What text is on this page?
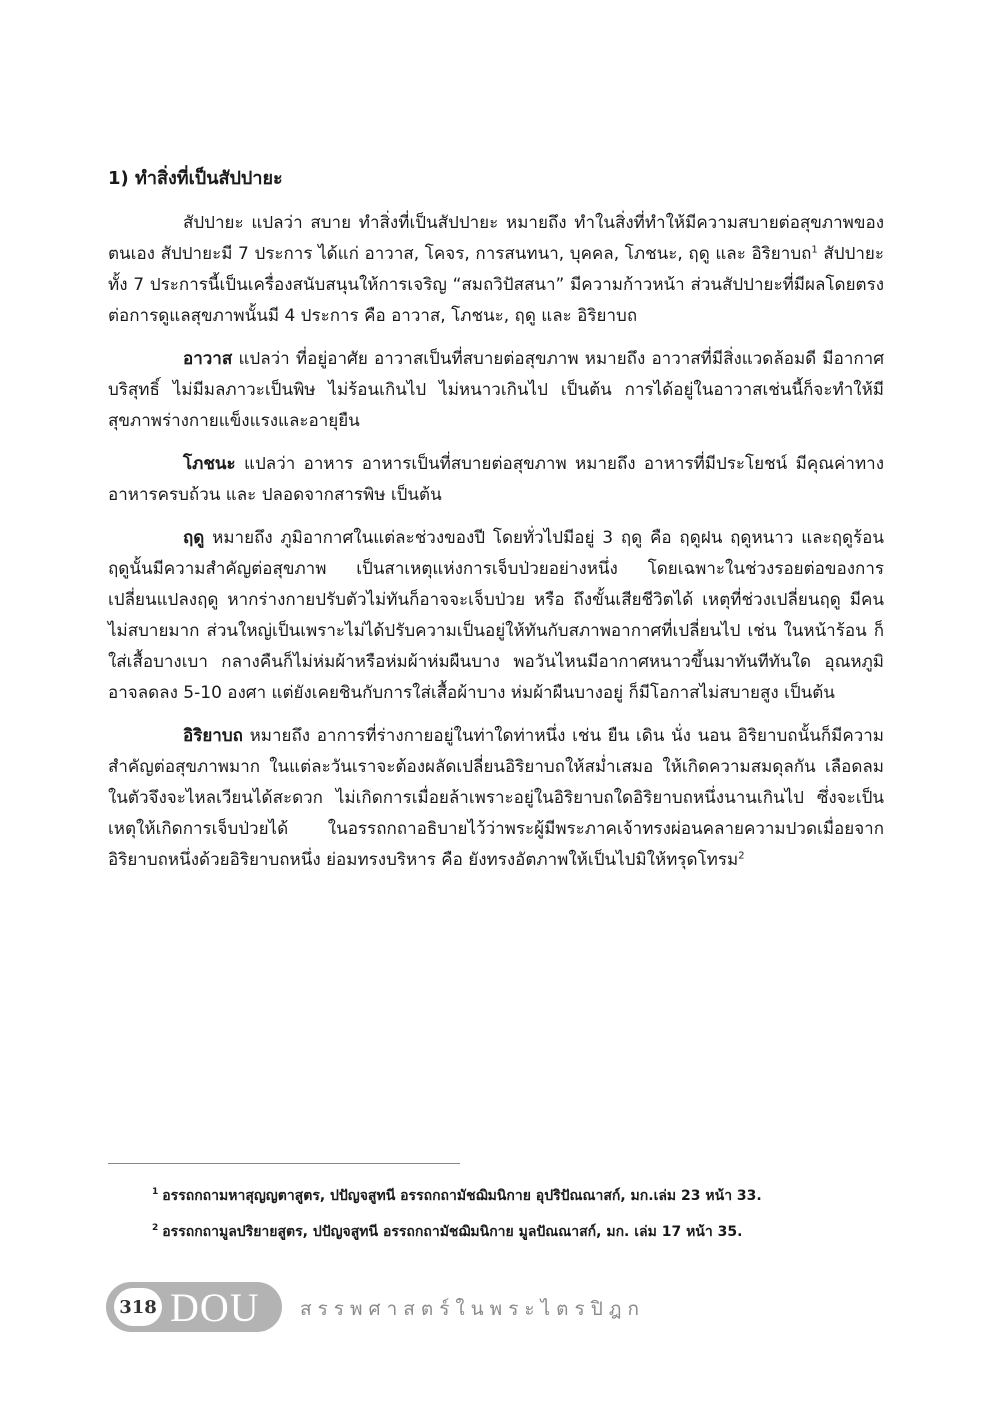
1) ทำสิ่งที่เป็นสัปปายะ

สัปปายะ แปลว่า สบาย ทำสิ่งที่เป็นสัปปายะ หมายถึง ทำในสิ่งที่ทำให้มีความสบายต่อสุขภาพของตนเอง สัปปายะมี 7 ประการ ได้แก่ อาวาส, โคจร, การสนทนา, บุคคล, โภชนะ, ฤดู และ อิริยาบถ$^1$ สัปปายะทั้ง 7 ประการนี้เป็นเครื่องสนับสนุนให้การเจริญ “สมถวิปัสสนา” มีความก้าวหน้า ส่วนสัปปายะที่มีผลโดยตรงต่อการดูแลสุขภาพนั้นมี 4 ประการ คือ อาวาส, โภชนะ, ฤดู และ อิริยาบถ

อาวาส แปลว่า ที่อยู่อาศัย อาวาสเป็นที่สบายต่อสุขภาพ หมายถึง อาวาสที่มีสิ่งแวดล้อมดี มีอากาศบริสุทธิ์ ไม่มีมลภาวะเป็นพิษ ไม่ร้อนเกินไป ไม่หนาวเกินไป เป็นต้น การได้อยู่ในอาวาสเช่นนี้ก็จะทำให้มีสุขภาพร่างกายแข็งแรงและอายุยืน

โภชนะ แปลว่า อาหาร อาหารเป็นที่สบายต่อสุขภาพ หมายถึง อาหารที่มีประโยชน์ มีคุณค่าทางอาหารครบถ้วน และ ปลอดจากสารพิษ เป็นต้น

ฤดู หมายถึง ภูมิอากาศในแต่ละช่วงของปี โดยทั่วไปมีอยู่ 3 ฤดู คือ ฤดูฝน ฤดูหนาว และฤดูร้อน ฤดูนั้นมีความสำคัญต่อสุขภาพ เป็นสาเหตุแห่งการเจ็บป่วยอย่างหนึ่ง โดยเฉพาะในช่วงรอยต่อของการเปลี่ยนแปลงฤดู หากร่างกายปรับตัวไม่ทันก็อาจจะเจ็บป่วย หรือ ถึงขั้นเสียชีวิตได้ เหตุที่ช่วงเปลี่ยนฤดู มีคนไม่สบายมาก ส่วนใหญ่เป็นเพราะไม่ได้ปรับความเป็นอยู่ให้ทันกับสภาพอากาศที่เปลี่ยนไป เช่น ในหน้าร้อน ก็ใส่เสื้อบางเบา กลางคืนก็ไม่ห่มผ้าหรือห่มผ้าห่มผืนบาง พอวันไหนมีอากาศหนาวขึ้นมาทันทีทันใด อุณหภูมิอาจลดลง 5-10 องศา แต่ยังเคยชินกับการใส่เสื้อผ้าบาง ห่มผ้าผืนบางอยู่ ก็มีโอกาสไม่สบายสูง เป็นต้น

อิริยาบถ หมายถึง อาการที่ร่างกายอยู่ในท่าใดท่าหนึ่ง เช่น ยืน เดิน นั่ง นอน อิริยาบถนั้นก็มีความสำคัญต่อสุขภาพมาก ในแต่ละวันเราจะต้องผลัดเปลี่ยนอิริยาบถให้สม่ำเสมอ ให้เกิดความสมดุลกัน เลือดลมในตัวจึงจะไหลเวียนได้สะดวก ไม่เกิดการเมื่อยล้าเพราะอยู่ในอิริยาบถใดอิริยาบถหนึ่งนานเกินไป ซึ่งจะเป็นเหตุให้เกิดการเจ็บป่วยได้ ในอรรถกถาอธิบายไว้ว่าพระผู้มีพระภาคเจ้าทรงผ่อนคลายความปวดเมื่อยจากอิริยาบถหนึ่งด้วยอิริยาบถหนึ่ง ย่อมทรงบริหาร คือ ยังทรงอัตภาพให้เป็นไปมิให้ทรุดโทรม$^2$

$^1$ อรรถกถามหาสุญญตาสูตร, ปปัญจสูทนี อรรถกถามัชฌิมนิกาย อุปริปัณณาสก์, มก.เล่ม 23 หน้า 33.

$^2$ อรรถกถามูลปริยายสูตร, ปปัญจสูทนี อรรถกถามัชฌิมนิกาย มูลปัณณาสก์, มก. เล่ม 17 หน้า 35.

318 DOU สรรพศาสตร์ในพระไตรปิฎก
